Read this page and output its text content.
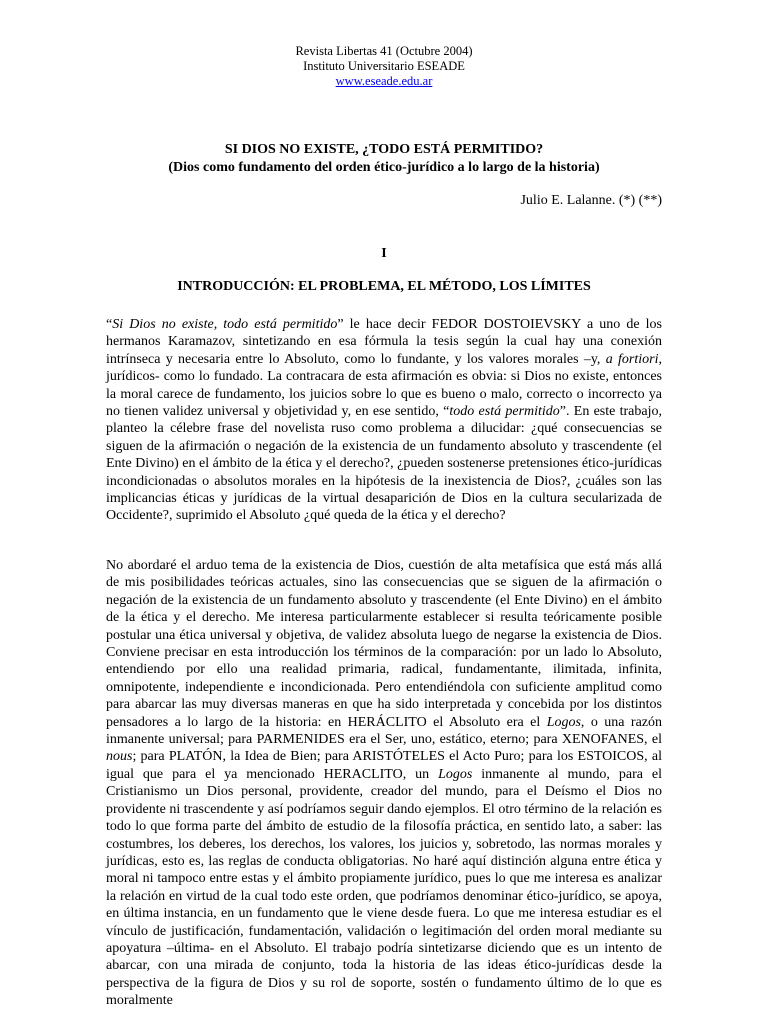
Revista Libertas 41 (Octubre 2004)
Instituto Universitario ESEADE
www.eseade.edu.ar
SI DIOS NO EXISTE, ¿TODO ESTÁ PERMITIDO?
(Dios como fundamento del orden ético-jurídico a lo largo de la historia)
Julio E. Lalanne. (*) (**)
I
INTRODUCCIÓN: EL PROBLEMA, EL MÉTODO, LOS LÍMITES

“Si Dios no existe, todo está permitido” le hace decir FEDOR DOSTOIEVSKY a uno de los hermanos Karamazov, sintetizando en esa fórmula la tesis según la cual hay una conexión intrínseca y necesaria entre lo Absoluto, como lo fundante, y los valores morales –y, a fortiori, jurídicos- como lo fundado. La contracara de esta afirmación es obvia: si Dios no existe, entonces la moral carece de fundamento, los juicios sobre lo que es bueno o malo, correcto o incorrecto ya no tienen validez universal y objetividad y, en ese sentido, “todo está permitido”. En este trabajo, planteo la célebre frase del novelista ruso como problema a dilucidar: ¿qué consecuencias se siguen de la afirmación o negación de la existencia de un fundamento absoluto y trascendente (el Ente Divino) en el ámbito de la ética y el derecho?, ¿pueden sostenerse pretensiones ético-jurídicas incondicionadas o absolutos morales en la hipótesis de la inexistencia de Dios?, ¿cuáles son las implicancias éticas y jurídicas de la virtual desaparición de Dios en la cultura secularizada de Occidente?, suprimido el Absoluto ¿qué queda de la ética y el derecho?

No abordaré el arduo tema de la existencia de Dios, cuestión de alta metafísica que está más allá de mis posibilidades teóricas actuales, sino las consecuencias que se siguen de la afirmación o negación de la existencia de un fundamento absoluto y trascendente (el Ente Divino) en el ámbito de la ética y el derecho. Me interesa particularmente establecer si resulta teóricamente posible postular una ética universal y objetiva, de validez absoluta luego de negarse la existencia de Dios. Conviene precisar en esta introducción los términos de la comparación: por un lado lo Absoluto, entendiendo por ello una realidad primaria, radical, fundamentante, ilimitada, infinita, omnipotente, independiente e incondicionada. Pero entendiéndola con suficiente amplitud como para abarcar las muy diversas maneras en que ha sido interpretada y concebida por los distintos pensadores a lo largo de la historia: en HERÁCLITO el Absoluto era el Logos, o una razón inmanente universal; para PARMENIDES era el Ser, uno, estático, eterno; para XENOFANES, el nous; para PLATÓN, la Idea de Bien; para ARISTÓTELES el Acto Puro; para los ESTOICOS, al igual que para el ya mencionado HERACLITO, un Logos inmanente al mundo, para el Cristianismo un Dios personal, providente, creador del mundo, para el Deísmo el Dios no providente ni trascendente y así podríamos seguir dando ejemplos. El otro término de la relación es todo lo que forma parte del ámbito de estudio de la filosofía práctica, en sentido lato, a saber: las costumbres, los deberes, los derechos, los valores, los juicios y, sobretodo, las normas morales y jurídicas, esto es, las reglas de conducta obligatorias. No haré aquí distinción alguna entre ética y moral ni tampoco entre estas y el ámbito propiamente jurídico, pues lo que me interesa es analizar la relación en virtud de la cual todo este orden, que podríamos denominar ético-jurídico, se apoya, en última instancia, en un fundamento que le viene desde fuera. Lo que me interesa estudiar es el vínculo de justificación, fundamentación, validación o legitimación del orden moral mediante su apoyatura –última- en el Absoluto. El trabajo podría sintetizarse diciendo que es un intento de abarcar, con una mirada de conjunto, toda la historia de las ideas ético-jurídicas desde la perspectiva de la figura de Dios y su rol de soporte, sostén o fundamento último de lo que es moralmente
